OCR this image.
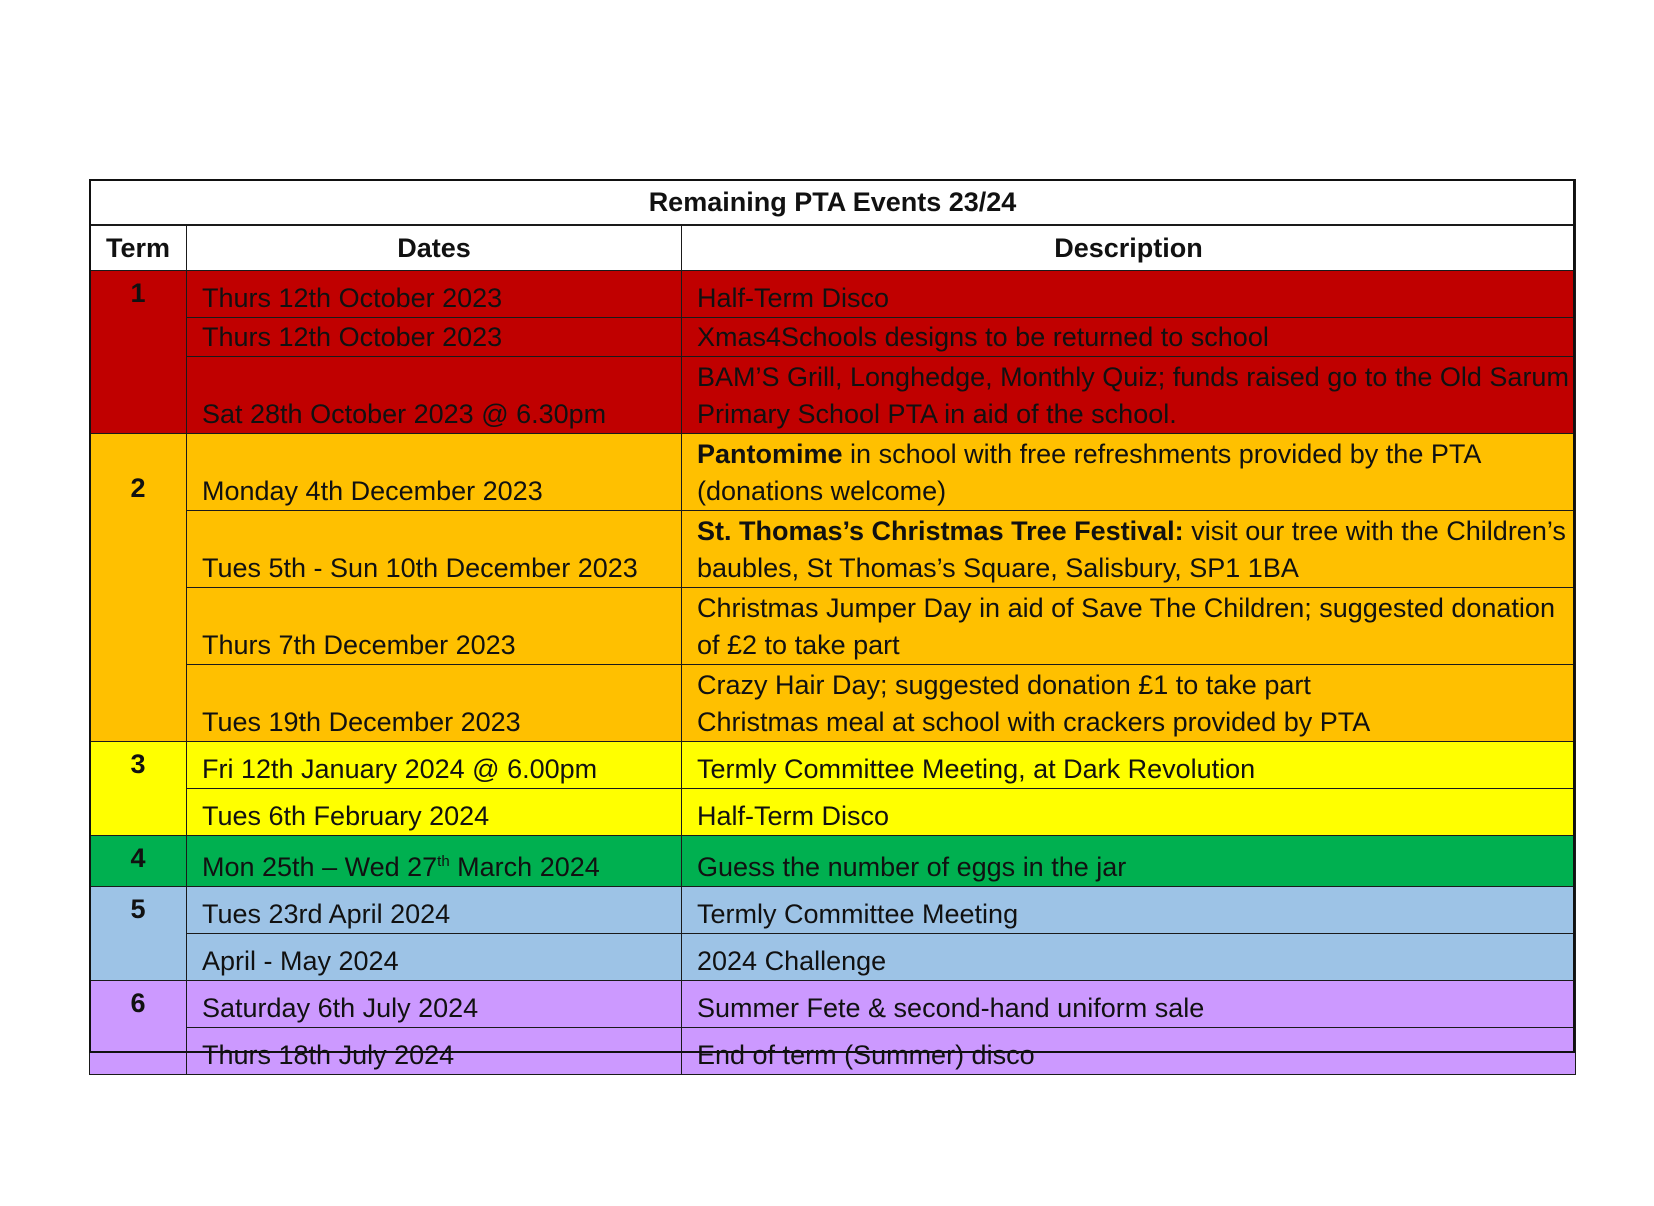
Remaining PTA Events 23/24		
Term	Dates	Description
1	Thurs 12th October 2023	Half-Term Disco
	Thurs 12th October 2023	Xmas4Schools designs to be returned to school
	Sat 28th October 2023 @ 6.30pm	BAM’S Grill, Longhedge, Monthly Quiz; funds raised go to the Old Sarum Primary School PTA in aid of the school.
2	Monday 4th December 2023	Pantomime in school with free refreshments provided by the PTA (donations welcome)
	Tues 5th - Sun 10th December 2023	St. Thomas’s Christmas Tree Festival: visit our tree with the Children’s baubles, St Thomas’s Square, Salisbury, SP1 1BA
	Thurs 7th December 2023	Christmas Jumper Day in aid of Save The Children; suggested donation of £2 to take part
	Tues 19th December 2023	Crazy Hair Day; suggested donation £1 to take part
Christmas meal at school with crackers provided by PTA
3	Fri 12th January 2024 @ 6.00pm	Termly Committee Meeting, at Dark Revolution
	Tues 6th February 2024	Half-Term Disco
4	Mon 25th – Wed 27th March 2024	Guess the number of eggs in the jar
5	Tues 23rd April 2024	Termly Committee Meeting
	April - May 2024	2024 Challenge
6	Saturday 6th July 2024	Summer Fete & second-hand uniform sale
	Thurs 18th July 2024	End of term (Summer) disco
